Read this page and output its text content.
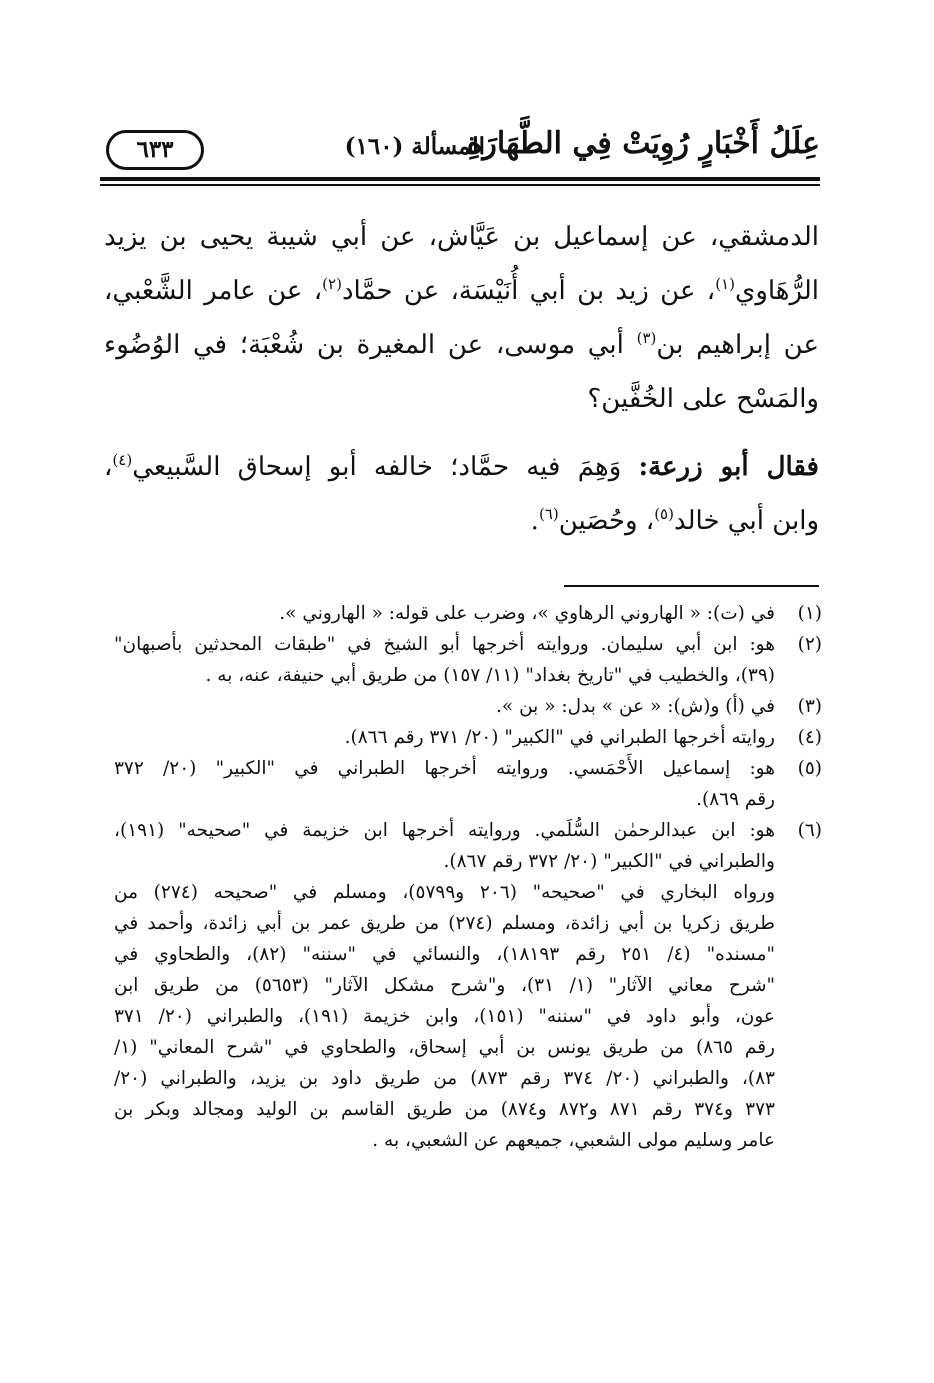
عِلَلُ أَخْبَارٍ رُوِيَتْ فِي الطَّهَارَةِ
المسألة (١٦٠)
٦٣٣
الدمشقي، عن إسماعيل بن عَيَّاش، عن أبي شيبة يحيى بن يزيد
الرُّهَاوي$^{(١)}$، عن زيد بن أبي أُنَيْسَة، عن حمَّاد$^{(٢)}$، عن عامر الشَّعْبي،
عن إبراهيم بن$^{(٣)}$ أبي موسى، عن المغيرة بن شُعْبَة؛ في الوُضُوء
والمَسْح على الخُفَّين؟
فقال أبو زرعة: وَهِمَ فيه حمَّاد؛ خالفه أبو إسحاق السَّبيعي$^{(٤)}$،
وابن أبي خالد$^{(٥)}$، وحُصَين$^{(٦)}$.
(١)
في (ت): « الهاروني الرهاوي »، وضرب على قوله: « الهاروني ».
(٢)
هو: ابن أبي سليمان. وروايته أخرجها أبو الشيخ في "طبقات المحدثين بأصبهان"
(٣٩)، والخطيب في "تاريخ بغداد" (١١/ ١٥٧) من طريق أبي حنيفة، عنه، به .
(٣)
في (أ) و(ش): « عن » بدل: « بن ».
(٤)
روايته أخرجها الطبراني في "الكبير" (٢٠/ ٣٧١ رقم ٨٦٦).
(٥)
هو: إسماعيل الأَحْمَسي. وروايته أخرجها الطبراني في "الكبير" (٢٠/ ٣٧٢
رقم ٨٦٩).
(٦)
هو: ابن عبدالرحمٰن السُّلَمي. وروايته أخرجها ابن خزيمة في "صحيحه" (١٩١)،
والطبراني في "الكبير" (٢٠/ ٣٧٢ رقم ٨٦٧).
ورواه البخاري في "صحيحه" (٢٠٦ و٥٧٩٩)، ومسلم في "صحيحه (٢٧٤) من
طريق زكريا بن أبي زائدة، ومسلم (٢٧٤) من طريق عمر بن أبي زائدة، وأحمد في
"مسنده" (٤/ ٢٥١ رقم ١٨١٩٣)، والنسائي في "سننه" (٨٢)، والطحاوي في
"شرح معاني الآثار" (١/ ٣١)، و"شرح مشكل الآثار" (٥٦٥٣) من طريق ابن
عون، وأبو داود في "سننه" (١٥١)، وابن خزيمة (١٩١)، والطبراني (٢٠/ ٣٧١
رقم ٨٦٥) من طريق يونس بن أبي إسحاق، والطحاوي في "شرح المعاني" (١/
٨٣)، والطبراني (٢٠/ ٣٧٤ رقم ٨٧٣) من طريق داود بن يزيد، والطبراني (٢٠/
٣٧٣ و٣٧٤ رقم ٨٧١ و٨٧٢ و٨٧٤) من طريق القاسم بن الوليد ومجالد وبكر بن
عامر وسليم مولى الشعبي، جميعهم عن الشعبي، به .
